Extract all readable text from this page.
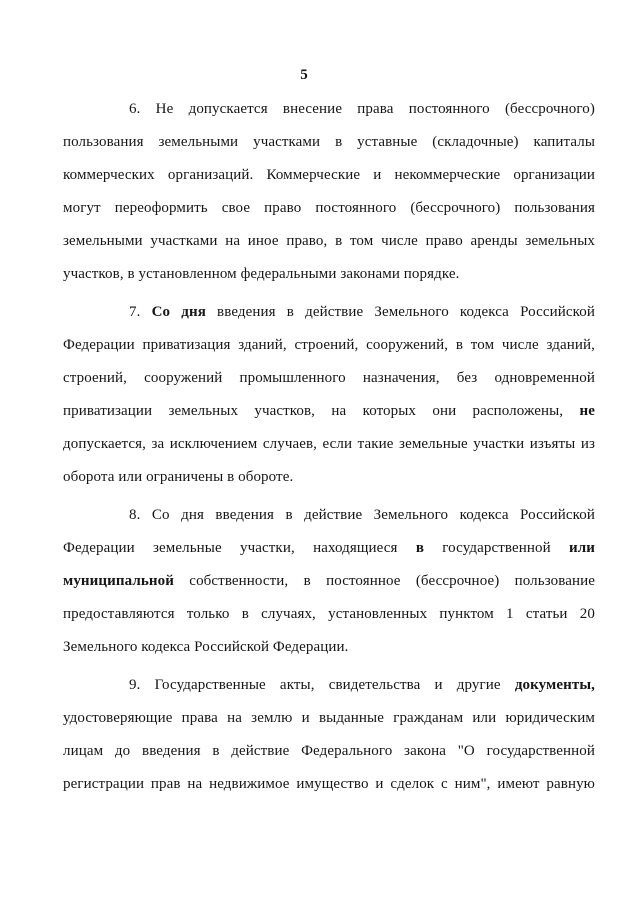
5
6. Не допускается внесение права постоянного (бессрочного)
пользования земельными участками в уставные (складочные) капиталы
коммерческих организаций. Коммерческие и некоммерческие организации
могут переоформить свое право постоянного (бессрочного) пользования
земельными участками на иное право, в том числе право аренды земельных
участков, в установленном федеральными законами порядке.
7. Со дня введения в действие Земельного кодекса Российской
Федерации приватизация зданий, строений, сооружений, в том числе зданий,
строений, сооружений промышленного назначения, без одновременной
приватизации земельных участков, на которых они расположены, не
допускается, за исключением случаев, если такие земельные участки изъяты из
оборота или ограничены в обороте.
8. Со дня введения в действие Земельного кодекса Российской
Федерации земельные участки, находящиеся в государственной или
муниципальной собственности, в постоянное (бессрочное) пользование
предоставляются только в случаях, установленных пунктом 1 статьи 20
Земельного кодекса Российской Федерации.
9. Государственные акты, свидетельства и другие документы,
удостоверяющие права на землю и выданные гражданам или юридическим
лицам до введения в действие Федерального закона "О государственной
регистрации прав на недвижимое имущество и сделок с ним", имеют равную
